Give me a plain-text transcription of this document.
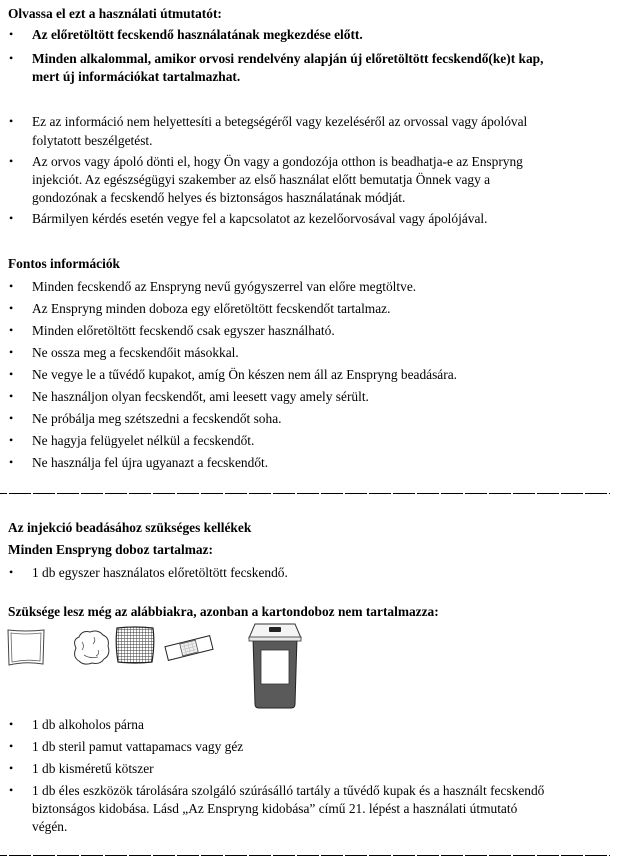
Olvassa el ezt a használati útmutatót:
• Az előretöltött fecskendő használatának megkezdése előtt.
• Minden alkalommal, amikor orvosi rendelvény alapján új előretöltött fecskendő(ke)t kap,
mert új információkat tartalmazhat.
• Ez az információ nem helyettesíti a betegségéről vagy kezeléséről az orvossal vagy ápolóval
folytatott beszélgetést.
• Az orvos vagy ápoló dönti el, hogy Ön vagy a gondozója otthon is beadhatja-e az Enspryng
injekciót. Az egészségügyi szakember az első használat előtt bemutatja Önnek vagy a
gondozónak a fecskendő helyes és biztonságos használatának módját.
• Bármilyen kérdés esetén vegye fel a kapcsolatot az kezelőorvosával vagy ápolójával.
Fontos információk
• Minden fecskendő az Enspryng nevű gyógyszerrel van előre megtöltve.
• Az Enspryng minden doboza egy előretöltött fecskendőt tartalmaz.
• Minden előretöltött fecskendő csak egyszer használható.
• Ne ossza meg a fecskendőit másokkal.
• Ne vegye le a tűvédő kupakot, amíg Ön készen nem áll az Enspryng beadására.
• Ne használjon olyan fecskendőt, ami leesett vagy amely sérült.
• Ne próbálja meg szétszedni a fecskendőt soha.
• Ne hagyja felügyelet nélkül a fecskendőt.
• Ne használja fel újra ugyanazt a fecskendőt.
Az injekció beadásához szükséges kellékek
Minden Enspryng doboz tartalmaz:
• 1 db egyszer használatos előretöltött fecskendő.
Szüksége lesz még az alábbiakra, azonban a kartondoboz nem tartalmazza:
• 1 db alkoholos párna
• 1 db steril pamut vattapamacs vagy géz
• 1 db kisméretű kötszer
• 1 db éles eszközök tárolására szolgáló szúrásálló tartály a tűvédő kupak és a használt fecskendő
biztonságos kidobása. Lásd „Az Enspryng kidobása” című 21. lépést a használati útmutató
végén.
